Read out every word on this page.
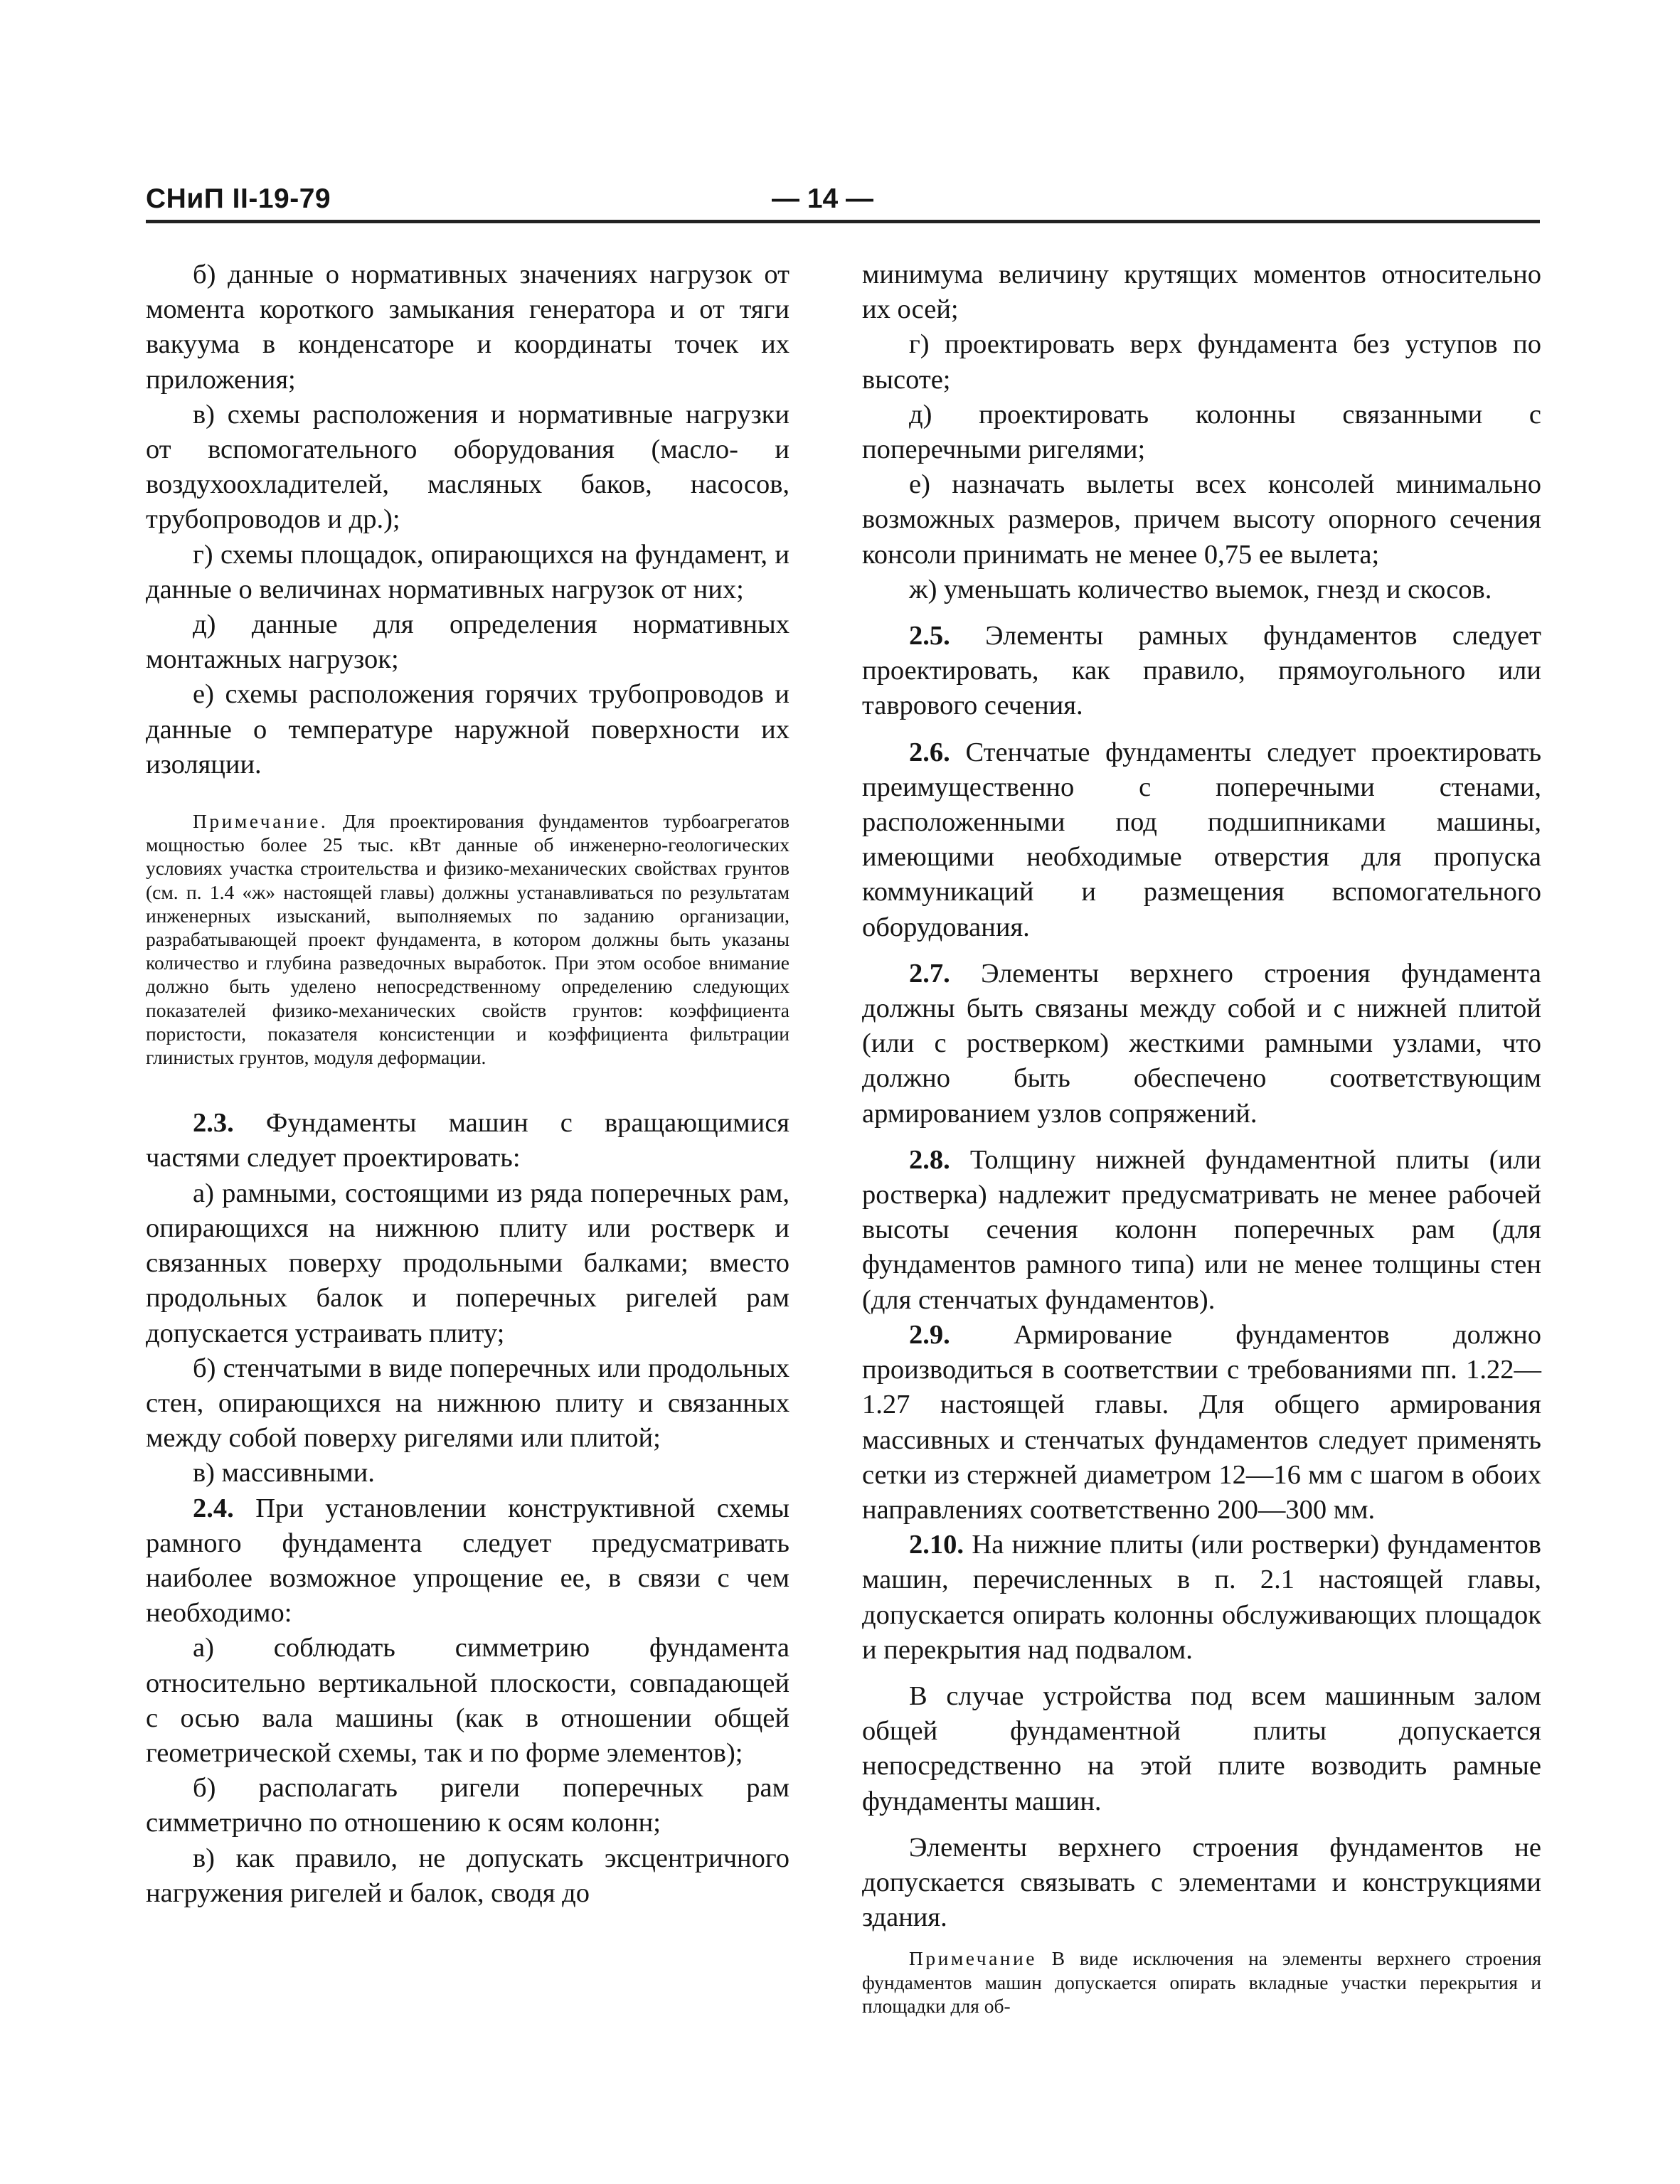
СНиП II-19-79	— 14 —

б) данные о нормативных значениях нагрузок от момента короткого замыкания генератора и от тяги вакуума в конденсаторе и координаты точек их приложения;

в) схемы расположения и нормативные нагрузки от вспомогательного оборудования (масло- и воздухоохладителей, масляных баков, насосов, трубопроводов и др.);

г) схемы площадок, опирающихся на фундамент, и данные о величинах нормативных нагрузок от них;

д) данные для определения нормативных монтажных нагрузок;

е) схемы расположения горячих трубопроводов и данные о температуре наружной поверхности их изоляции.

Примечание. Для проектирования фундаментов турбоагрегатов мощностью более 25 тыс. кВт данные об инженерно-геологических условиях участка строительства и физико-механических свойствах грунтов (см. п. 1.4 «ж» настоящей главы) должны устанавливаться по результатам инженерных изысканий, выполняемых по заданию организации, разрабатывающей проект фундамента, в котором должны быть указаны количество и глубина разведочных выработок. При этом особое внимание должно быть уделено непосредственному определению следующих показателей физико-механических свойств грунтов: коэффициента пористости, показателя консистенции и коэффициента фильтрации глинистых грунтов, модуля деформации.

2.3. Фундаменты машин с вращающимися частями следует проектировать:

а) рамными, состоящими из ряда поперечных рам, опирающихся на нижнюю плиту или ростверк и связанных поверху продольными балками; вместо продольных балок и поперечных ригелей рам допускается устраивать плиту;

б) стенчатыми в виде поперечных или продольных стен, опирающихся на нижнюю плиту и связанных между собой поверху ригелями или плитой;

в) массивными.

2.4. При установлении конструктивной схемы рамного фундамента следует предусматривать наиболее возможное упрощение ее, в связи с чем необходимо:

а) соблюдать симметрию фундамента относительно вертикальной плоскости, совпадающей с осью вала машины (как в отношении общей геометрической схемы, так и по форме элементов);

б) располагать ригели поперечных рам симметрично по отношению к осям колонн;

в) как правило, не допускать эксцентричного нагружения ригелей и балок, сводя до

минимума величину крутящих моментов относительно их осей;

г) проектировать верх фундамента без уступов по высоте;

д) проектировать колонны связанными с поперечными ригелями;

е) назначать вылеты всех консолей минимально возможных размеров, причем высоту опорного сечения консоли принимать не менее 0,75 ее вылета;

ж) уменьшать количество выемок, гнезд и скосов.

2.5. Элементы рамных фундаментов следует проектировать, как правило, прямоугольного или таврового сечения.

2.6. Стенчатые фундаменты следует проектировать преимущественно с поперечными стенами, расположенными под подшипниками машины, имеющими необходимые отверстия для пропуска коммуникаций и размещения вспомогательного оборудования.

2.7. Элементы верхнего строения фундамента должны быть связаны между собой и с нижней плитой (или с ростверком) жесткими рамными узлами, что должно быть обеспечено соответствующим армированием узлов сопряжений.

2.8. Толщину нижней фундаментной плиты (или ростверка) надлежит предусматривать не менее рабочей высоты сечения колонн поперечных рам (для фундаментов рамного типа) или не менее толщины стен (для стенчатых фундаментов).

2.9. Армирование фундаментов должно производиться в соответствии с требованиями пп. 1.22—1.27 настоящей главы. Для общего армирования массивных и стенчатых фундаментов следует применять сетки из стержней диаметром 12—16 мм с шагом в обоих направлениях соответственно 200—300 мм.

2.10. На нижние плиты (или ростверки) фундаментов машин, перечисленных в п. 2.1 настоящей главы, допускается опирать колонны обслуживающих площадок и перекрытия над подвалом.

В случае устройства под всем машинным залом общей фундаментной плиты допускается непосредственно на этой плите возводить рамные фундаменты машин.

Элементы верхнего строения фундаментов не допускается связывать с элементами и конструкциями здания.

Примечание В виде исключения на элементы верхнего строения фундаментов машин допускается опирать вкладные участки перекрытия и площадки для об-
